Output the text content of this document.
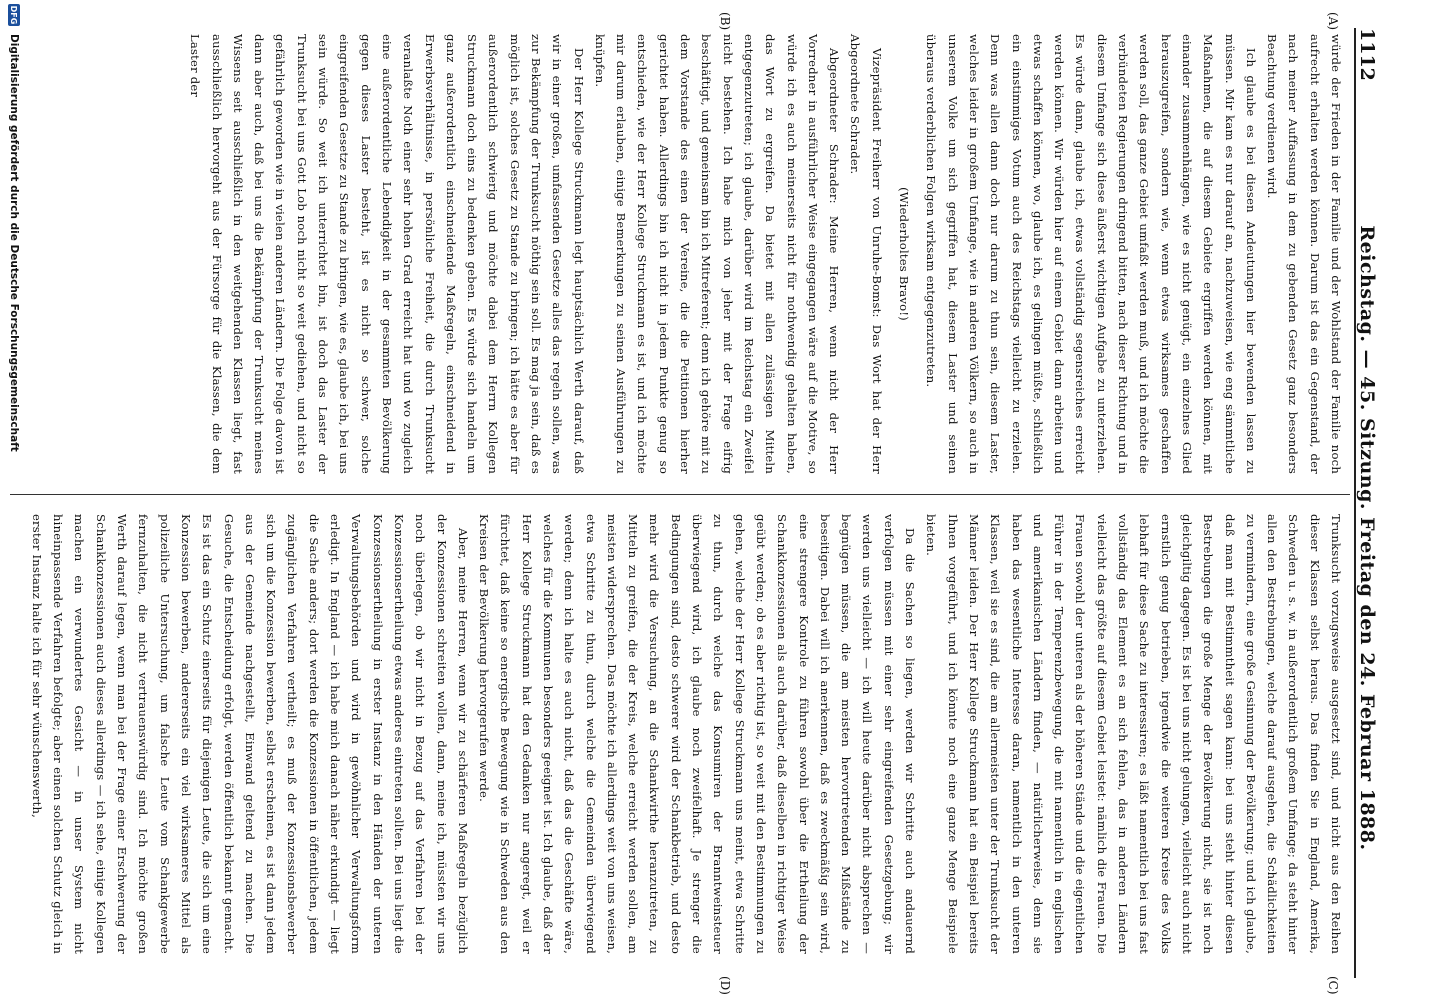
1112
Reichstag. — 45. Sitzung. Freitag den 24. Februar 1888.
(A)
(B)
(C)
(D)

würde der Frieden in der Familie und der Wohlstand der Familie noch aufrecht erhalten werden können. Darum ist das ein Gegenstand, der nach meiner Auffassung in dem zu gebenden Gesetz ganz besonders Beachtung verdienen wird.

Ich glaube es bei diesen Andeutungen hier bewenden lassen zu müssen. Mir kam es nur darauf an, nachzuweisen, wie eng sämmtliche Maßnahmen, die auf diesem Gebiete ergriffen werden können, mit einander zusammenhängen, wie es nicht genügt, ein einzelnes Glied herauszugreifen, sondern wie, wenn etwas wirksames geschaffen werden soll, das ganze Gebiet umfaßt werden muß, und ich möchte die verbündeten Regierungen dringend bitten, nach dieser Richtung und in diesem Umfange sich diese äußerst wichtigen Aufgabe zu unterziehen. Es würde dann, glaube ich, etwas vollständig segensreiches erreicht werden können. Wir würden hier auf einem Gebiet dann arbeiten und etwas schaffen können, wo, glaube ich, es gelingen müßte, schließlich ein einstimmiges Votum auch des Reichstags vielleicht zu erzielen. Denn was allen dann doch nur darum zu thun sein, diesem Laster, welches leider in großem Umfange, wie in anderen Völkern, so auch in unserem Volke um sich gegriffen hat, diesem Laster und seinen überaus verderblichen Folgen wirksam entgegenzutreten.

(Wiederholtes Bravo!)

Vizepräsident Freiherr von Unruhe-Bomst: Das Wort hat der Herr Abgeordnete Schrader.

Abgeordneter Schrader: Meine Herren, wenn nicht der Herr Vorredner in ausführlicher Weise eingegangen wäre auf die Motive, so würde ich es auch meinerseits nicht für nothwendig gehalten haben, das Wort zu ergreifen. Da bietet mit allen zulässigen Mitteln entgegenzutreten; ich glaube, darüber wird im Reichstag ein Zweifel nicht bestehen. Ich habe mich von jeher mit der Frage eifrig beschäftigt, und gemeinsam bin ich Mitreferent; denn ich gehöre mit zu dem Vorstande des einen der Vereine, die die Petitionen hierher gerichtet haben. Allerdings bin ich nicht in jedem Punkte genug so entschieden, wie der Herr Kollege Struckmann es ist, und ich möchte mir darum erlauben, einige Bemerkungen zu seinen Ausführungen zu knüpfen.

Der Herr Kollege Struckmann legt hauptsächlich Werth darauf, daß wir in einer großen, umfassenden Gesetze alles das regeln sollen, was zur Bekämpfung der Trunksucht nöthig sein soll. Es mag ja sein, daß es möglich ist, solches Gesetz zu Stande zu bringen; ich hätte es aber für außerordentlich schwierig und möchte dabei dem Herrn Kollegen Struckmann doch eins zu bedenken geben. Es würde sich handeln um ganz außerordentlich einschneidende Maßregeln, einschneidend in Erwerbsverhältnisse, in persönliche Freiheit, die durch Trunksucht veranlaßte Noth einer sehr hohen Grad erreicht hat und wo zugleich eine außerordentliche Lebendigkeit in der gesammten Bevölkerung gegen dieses Laster besteht, ist es nicht so schwer, solche eingreifenden Gesetze zu Stande zu bringen, wie es, glaube ich, bei uns sein würde. So weit ich unterrichtet bin, ist doch das Laster der Trunksucht bei uns Gott Lob noch nicht so weit gediehen, und nicht so gefährlich geworden wie in vielen anderen Ländern. Die Folge davon ist dann aber auch, daß bei uns die Bekämpfung der Trunksucht meines Wissens seit ausschließlich in den weitgehenden Klassen liegt, fast ausschließlich hervorgeht aus der Fürsorge für die Klassen, die dem Laster der

Trunksucht vorzugsweise ausgesetzt sind, und nicht aus den Reihen dieser Klassen selbst heraus. Das finden Sie in England, Amerika, Schweden u. s. w. in außerordentlich großem Umfange; da steht hinter allen den Bestrebungen, welche darauf ausgehen, die Schädlichkeiten zu vermindern, eine große Gesinnung der Bevölkerung; und ich glaube, daß man mit Bestimmtheit sagen kann: bei uns steht hinter diesen Bestrebungen die große Menge der Bevölkerung nicht, sie ist noch gleichgiltig dagegen. Es ist bei uns nicht gelungen, vielleicht auch nicht ernstlich genug betrieben, irgendwie die weiteren Kreise des Volks lebhaft für diese Sache zu interessiren; es läßt namentlich bei uns fast vollständig das Element es an sich fehlen, das in anderen Ländern vielleicht das größte auf diesem Gebiet leistet: nämlich die Frauen. Die Frauen sowohl der unteren als der höheren Stände und die eigentlichen Führer in der Temperenzbewegung, die mit namentlich in englischen und amerikanischen Ländern finden, — natürlicherweise, denn sie haben das wesentliche Interesse daran, namentlich in den unteren Klassen, weil sie es sind, die am allermeisten unter der Trunksucht der Männer leiden. Der Herr Kollege Struckmann hat ein Beispiel bereits Ihnen vorgeführt, und ich könnte noch eine ganze Menge Beispiele bieten.

Da die Sachen so liegen, werden wir Schritte auch andauernd verfolgen müssen mit einer sehr eingreifenden Gesetzgebung; wir werden uns vielleicht — ich will heute darüber nicht absprechen — begnügen müssen, die am meisten hervortretenden Mißstände zu beseitigen. Dabei will ich anerkennen, daß es zweckmäßig sein wird, eine strengere Kontrole zu führen sowohl über die Ertheilung der Schankkonzessionen als auch darüber, daß dieselben in richtiger Weise geübt werden; ob es aber richtig ist, so weit mit den Bestimmungen zu gehen, welche der Herr Kollege Struckmann uns meint, etwa Schritte zu thun, durch welche das Konsumiren der Branntweinsteuer überwiegend wird, ich glaube noch zweifelhaft. Je strenger die Bedingungen sind, desto schwerer wird der Schankbetrieb, und desto mehr wird die Versuchung, an die Schankwirthe heranzutreten, zu Mitteln zu greifen, die der Kreis, welche erreicht werden sollen, am meisten widersprechen. Das möchte ich allerdings weit von uns weisen, etwa Schritte zu thun, durch welche die Gemeinden überwiegend werden; denn ich halte es auch nicht, daß das die Geschäfte wäre, welches für die Kommunen besonders geeignet ist. Ich glaube, daß der Herr Kollege Struckmann hat den Gedanken nur angeregt, weil er fürchtet, daß keine so energische Bewegung wie in Schweden aus den Kreisen der Bevölkerung hervorgerufen werde.

Aber, meine Herren, wenn wir zu schärferen Maßregeln bezüglich der Konzessionen schreiten wollen, dann, meine ich, müssten wir uns noch überlegen, ob wir nicht in Bezug auf das Verfahren bei der Konzessionsertheilung etwas anderes eintreten sollten. Bei uns liegt die Konzessionsertheilung in erster Instanz in den Händen der unteren Verwaltungsbehörden und wird in gewöhnlicher Verwaltungsform erledigt. In England — ich habe mich danach näher erkundigt — liegt die Sache anders; dort werden die Konzessionen in öffentlichen, jedem zugänglichen Verfahren vertheilt; es muß der Konzessionsbewerber sich um die Konzession bewerben, selbst erscheinen, es ist dann jedem aus der Gemeinde nachgestellt, Einwand geltend zu machen. Die Gesuche, die Entscheidung erfolgt, werden öffentlich bekannt gemacht. Es ist das ein Schutz einerseits für diejenigen Leute, die sich um eine Konzession bewerben, andererseits ein viel wirksameres Mittel als polizeiliche Untersuchung, um falsche Leute vom Schankgewerbe fernzuhalten, die nicht vertrauenswürdig sind. Ich möchte großen Werth darauf legen, wenn man bei der Frage einer Erschwerung der Schankkonzessionen auch dieses allerdings — ich sehe, einige Kollegen machen ein verwundertes Gesicht — in unser System nicht hineinpassende Verfahren befolgte; aber einen solchen Schutz gleich in erster Instanz halte ich für sehr wünschenswerth,

DFG
Digitalisierung gefördert durch die Deutsche Forschungsgemeinschaft
